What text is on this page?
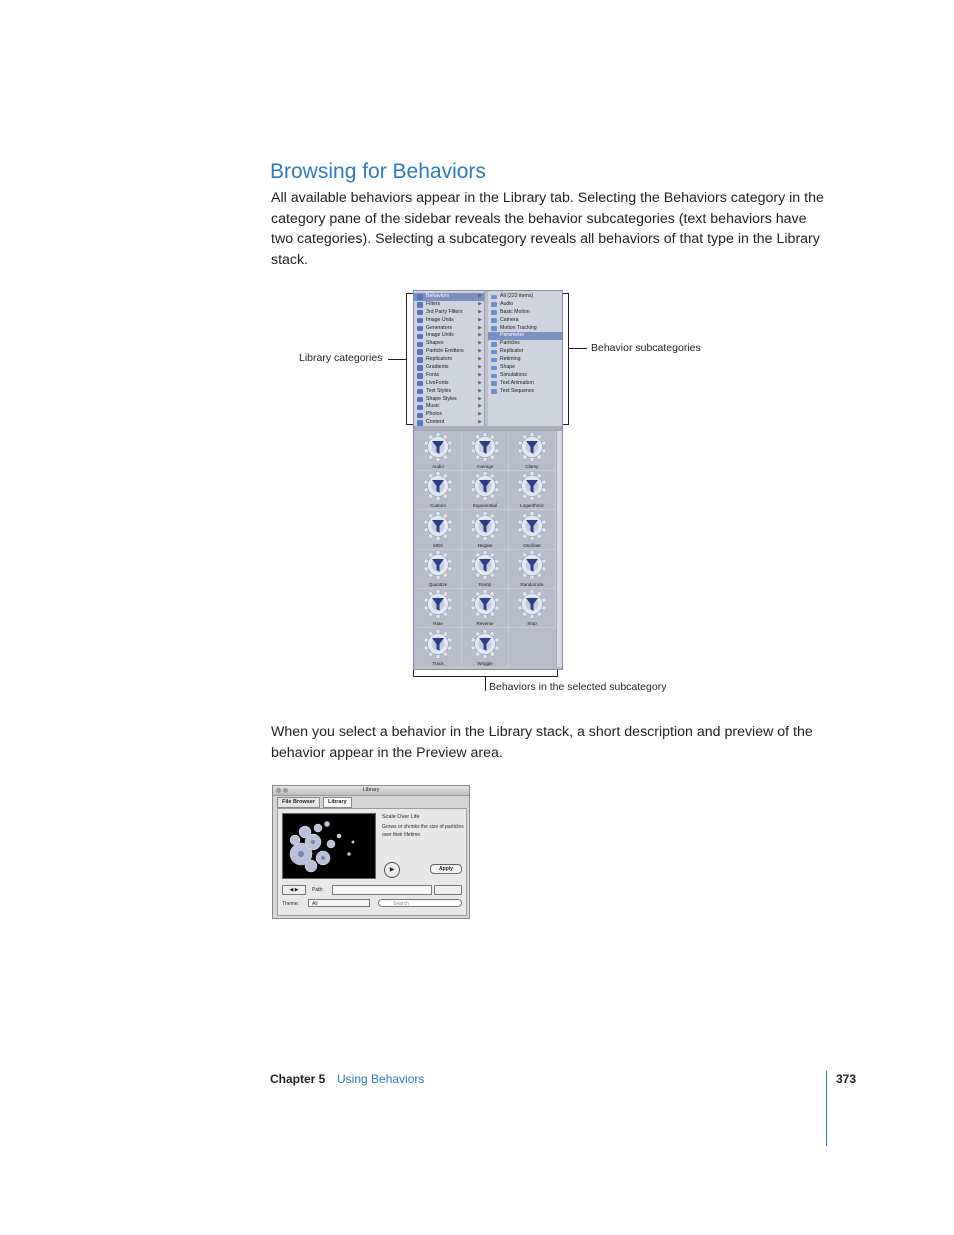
Browsing for Behaviors

All available behaviors appear in the Library tab. Selecting the Behaviors category in the category pane of the sidebar reveals the behavior subcategories (text behaviors have two categories). Selecting a subcategory reveals all behaviors of that type in the Library stack.

Library categories
Behavior subcategories
Behaviors in the selected subcategory
Behaviors	▶
Filters	▶
3rd Party Filters	▶
Image Units	▶
Generators	▶
Image Units	▶
Shapes	▶
Particle Emitters	▶
Replicators	▶
Gradients	▶
Fonts	▶
LiveFonts	▶
Text Styles	▶
Shape Styles	▶
Music	▶
Photos	▶
Content	▶
All (222 items)
Audio
Basic Motion
Camera
Motion Tracking
Parameter
Particles
Replicator
Retiming
Shape
Simulations
Text Animation
Text Sequence
Audio	Average	Clamp
Custom	Exponential	Logarithmic
MIDI	Negate	Oscillate
Quantize	Ramp	Randomize
Rate	Reverse	Stop
Track	Wriggle

When you select a behavior in the Library stack, a short description and preview of the behavior appear in the Preview area.

Library
File Browser	Library
Scale Over Life
Grows or shrinks the size of particles over their lifetime.
▶	Apply
◀ ▶	Path:
Theme:	All	Search
Chapter 5 Using Behaviors	373
